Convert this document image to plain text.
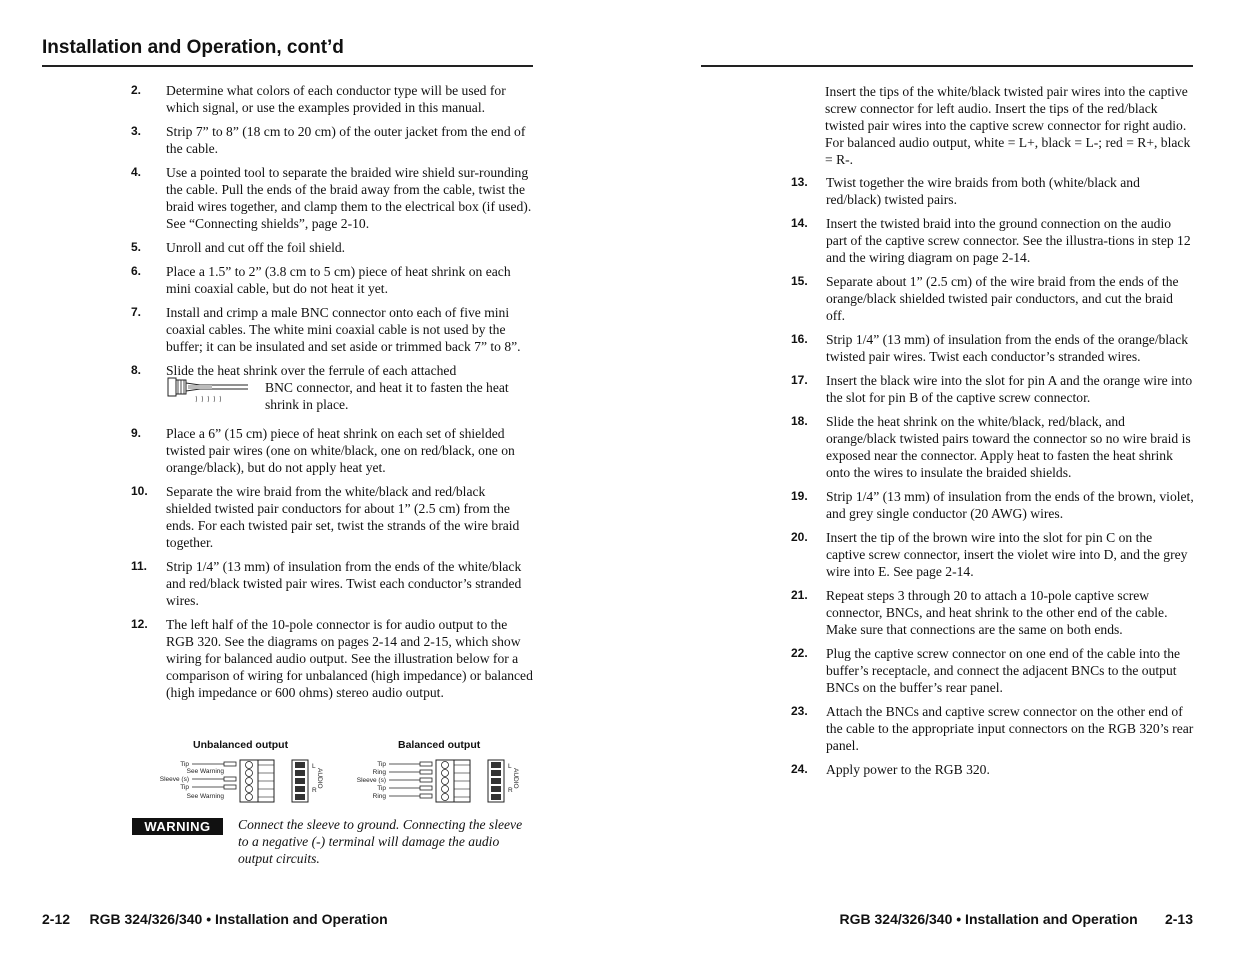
Installation and Operation, cont’d
2. Determine what colors of each conductor type will be used for which signal, or use the examples provided in this manual.
3. Strip 7” to 8” (18 cm to 20 cm) of the outer jacket from the end of the cable.
4. Use a pointed tool to separate the braided wire shield sur-rounding the cable. Pull the ends of the braid away from the cable, twist the braid wires together, and clamp them to the electrical box (if used). See “Connecting shields”, page 2-10.
5. Unroll and cut off the foil shield.
6. Place a 1.5” to 2” (3.8 cm to 5 cm) piece of heat shrink on each mini coaxial cable, but do not heat it yet.
7. Install and crimp a male BNC connector onto each of five mini coaxial cables. The white mini coaxial cable is not used by the buffer; it can be insulated and set aside or trimmed back 7” to 8”.
8. Slide the heat shrink over the ferrule of each attached
BNC connector, and heat it to fasten the heat shrink in place.
9. Place a 6” (15 cm) piece of heat shrink on each set of shielded twisted pair wires (one on white/black, one on red/black, one on orange/black), but do not apply heat yet.
10. Separate the wire braid from the white/black and red/black shielded twisted pair conductors for about 1” (2.5 cm) from the ends. For each twisted pair set, twist the strands of the wire braid together.
11. Strip 1/4” (13 mm) of insulation from the ends of the white/black and red/black twisted pair wires. Twist each conductor’s stranded wires.
12. The left half of the 10-pole connector is for audio output to the RGB 320. See the diagrams on pages 2-14 and 2-15, which show wiring for balanced audio output. See the illustration below for a comparison of wiring for unbalanced (high impedance) or balanced (high impedance or 600 ohms) stereo audio output.
Unbalanced output	Balanced output
Tip
See Warning
Sleeve (s)
Tip
See Warning
L
R
AUDIO
Tip
Ring
Sleeve (s)
Tip
Ring
L
R
AUDIO
WARNING	Connect the sleeve to ground. Connecting the sleeve to a negative (-) terminal will damage the audio output circuits.
Insert the tips of the white/black twisted pair wires into the captive screw connector for left audio. Insert the tips of the red/black twisted pair wires into the captive screw connector for right audio. For balanced audio output, white = L+, black = L-; red = R+, black = R-.
13. Twist together the wire braids from both (white/black and red/black) twisted pairs.
14. Insert the twisted braid into the ground connection on the audio part of the captive screw connector. See the illustra-tions in step 12 and the wiring diagram on page 2-14.
15. Separate about 1” (2.5 cm) of the wire braid from the ends of the orange/black shielded twisted pair conductors, and cut the braid off.
16. Strip 1/4” (13 mm) of insulation from the ends of the orange/black twisted pair wires. Twist each conductor’s stranded wires.
17. Insert the black wire into the slot for pin A and the orange wire into the slot for pin B of the captive screw connector.
18. Slide the heat shrink on the white/black, red/black, and orange/black twisted pairs toward the connector so no wire braid is exposed near the connector. Apply heat to fasten the heat shrink onto the wires to insulate the braided shields.
19. Strip 1/4” (13 mm) of insulation from the ends of the brown, violet, and grey single conductor (20 AWG) wires.
20. Insert the tip of the brown wire into the slot for pin C on the captive screw connector, insert the violet wire into D, and the grey wire into E. See page 2-14.
21. Repeat steps 3 through 20 to attach a 10-pole captive screw connector, BNCs, and heat shrink to the other end of the cable. Make sure that connections are the same on both ends.
22. Plug the captive screw connector on one end of the cable into the buffer’s receptacle, and connect the adjacent BNCs to the output BNCs on the buffer’s rear panel.
23. Attach the BNCs and captive screw connector on the other end of the cable to the appropriate input connectors on the RGB 320’s rear panel.
24. Apply power to the RGB 320.
2-12 RGB 324/326/340 • Installation and Operation	RGB 324/326/340 • Installation and Operation 2-13
